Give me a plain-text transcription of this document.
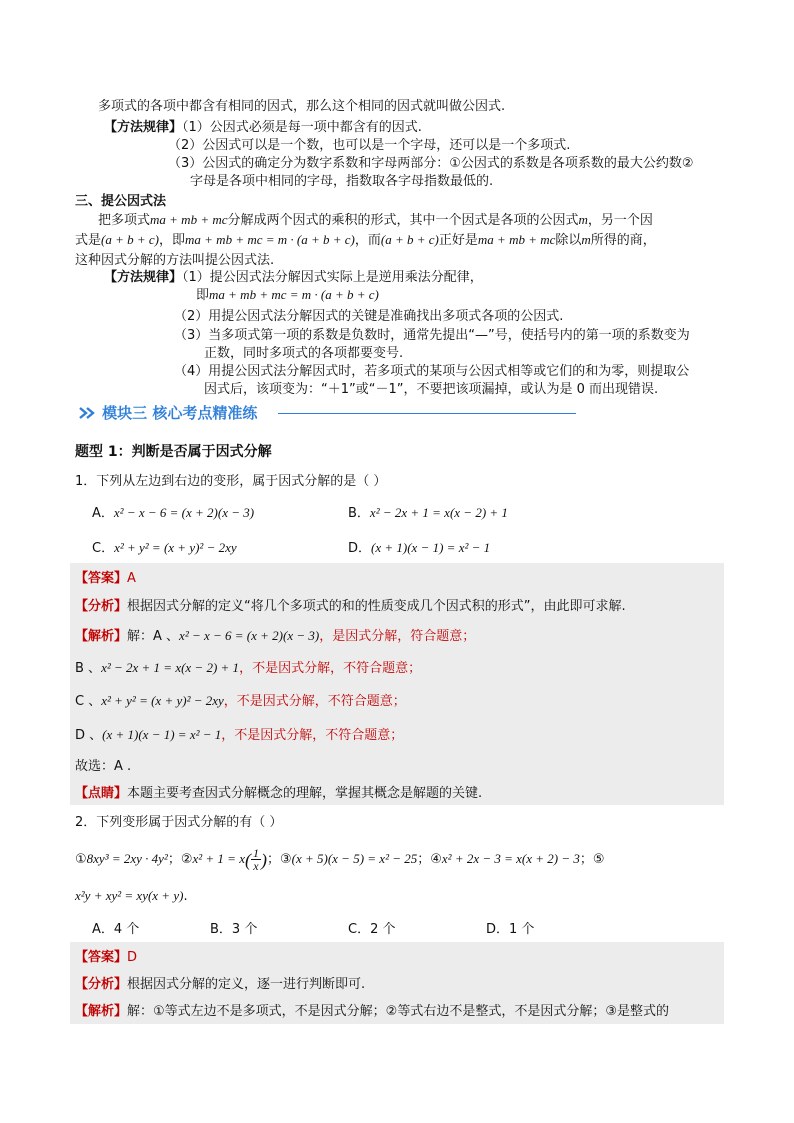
多项式的各项中都含有相同的因式，那么这个相同的因式就叫做公因式.
【方法规律】（1）公因式必须是每一项中都含有的因式.
（2）公因式可以是一个数，也可以是一个字母，还可以是一个多项式.
（3）公因式的确定分为数字系数和字母两部分：①公因式的系数是各项系数的最大公约数②
字母是各项中相同的字母，指数取各字母指数最低的.
三、提公因式法
把多项式ma + mb + mc分解成两个因式的乘积的形式，其中一个因式是各项的公因式m，另一个因
式是(a + b + c)，即ma + mb + mc = m · (a + b + c)，而(a + b + c)正好是ma + mb + mc除以m所得的商，
这种因式分解的方法叫提公因式法.
【方法规律】（1）提公因式法分解因式实际上是逆用乘法分配律，
即ma + mb + mc = m · (a + b + c)
（2）用提公因式法分解因式的关键是准确找出多项式各项的公因式.
（3）当多项式第一项的系数是负数时，通常先提出“—”号，使括号内的第一项的系数变为
正数，同时多项式的各项都要变号.
（4）用提公因式法分解因式时，若多项式的某项与公因式相等或它们的和为零，则提取公
因式后，该项变为：“＋1”或“－1”，不要把该项漏掉，或认为是 0 而出现错误.
模块三 核心考点精准练
题型 1：判断是否属于因式分解
1．下列从左边到右边的变形，属于因式分解的是（ ）
A．x² − x − 6 = (x + 2)(x − 3)	B．x² − 2x + 1 = x(x − 2) + 1
C．x² + y² = (x + y)² − 2xy	D．(x + 1)(x − 1) = x² − 1
【答案】A
【分析】根据因式分解的定义“将几个多项式的和的性质变成几个因式积的形式”，由此即可求解.
【解析】解：A 、x² − x − 6 = (x + 2)(x − 3)，是因式分解，符合题意；
B 、x² − 2x + 1 = x(x − 2) + 1，不是因式分解，不符合题意；
C 、x² + y² = (x + y)² − 2xy，不是因式分解，不符合题意；
D 、(x + 1)(x − 1) = x² − 1，不是因式分解，不符合题意；
故选：A .
【点睛】本题主要考查因式分解概念的理解，掌握其概念是解题的关键.
2．下列变形属于因式分解的有（ ）
①8xy³ = 2xy · 4y²；②x² + $1 = x( \frac{1}{x}$ )；③(x + 5)(x − 5) = x² − 25；④x² + 2x − 3 = x(x + 2) − 3；⑤
x²y + xy² = xy(x + y).
A．4 个	B．3 个	C．2 个	D．1 个
【答案】D
【分析】根据因式分解的定义，逐一进行判断即可.
【解析】解：①等式左边不是多项式，不是因式分解；②等式右边不是整式，不是因式分解；③是整式的
